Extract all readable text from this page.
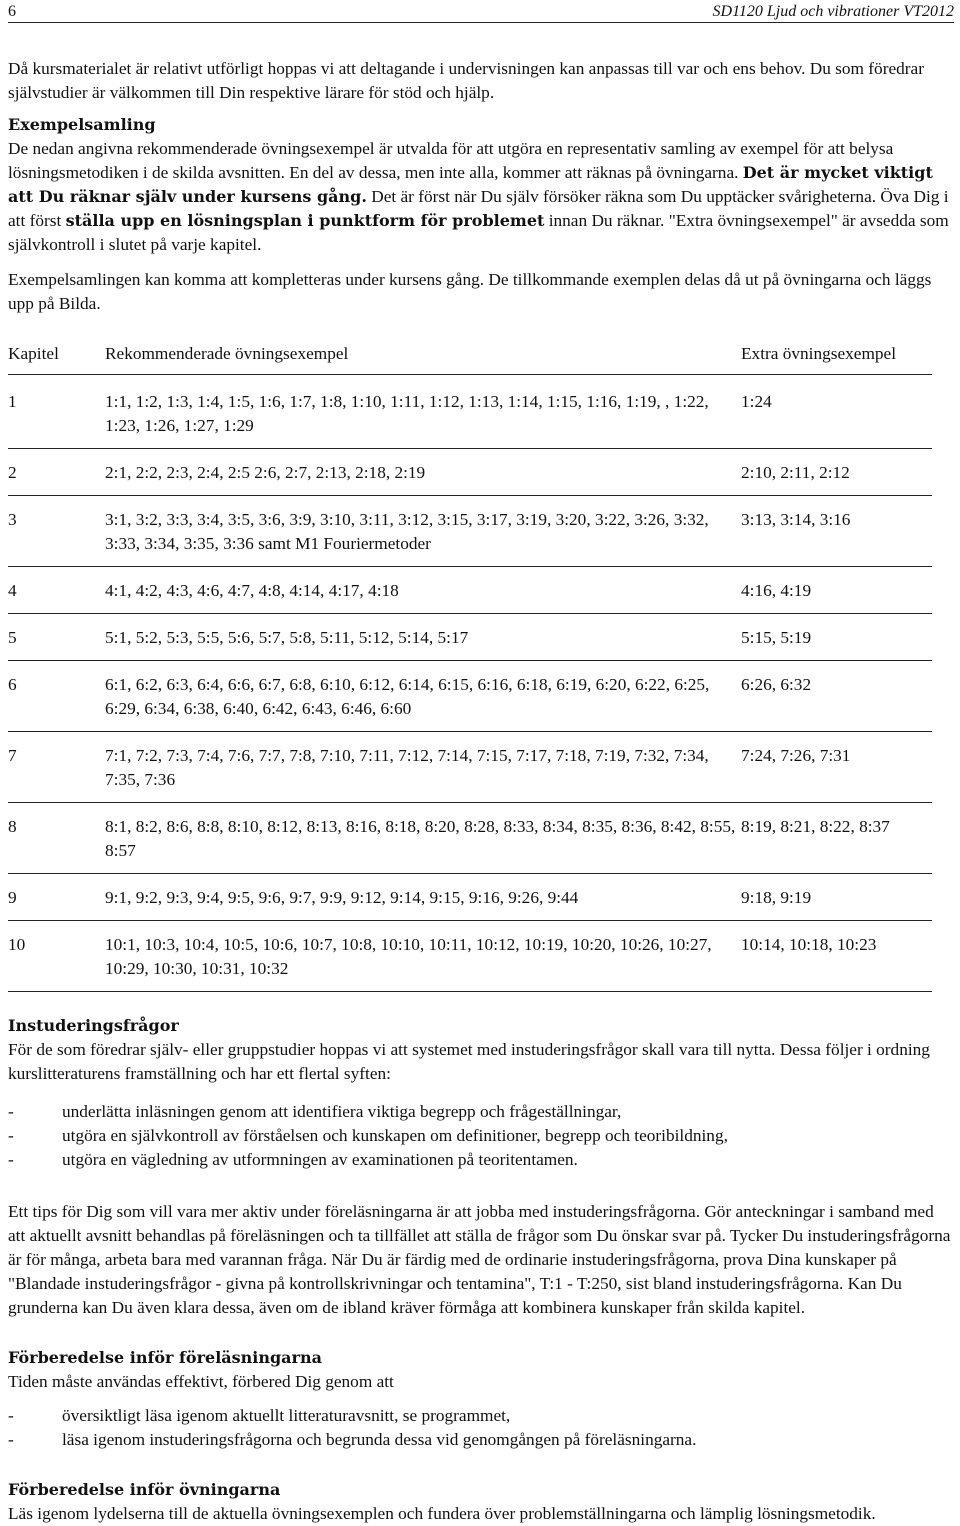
6	SD1120 Ljud och vibrationer VT2012

Då kursmaterialet är relativt utförligt hoppas vi att deltagande i undervisningen kan anpassas till var och ens behov. Du som föredrar självstudier är välkommen till Din respektive lärare för stöd och hjälp.

Exempelsamling

De nedan angivna rekommenderade övningsexempel är utvalda för att utgöra en representativ samling av exempel för att belysa lösningsmetodiken i de skilda avsnitten. En del av dessa, men inte alla, kommer att räknas på övningarna. Det är mycket viktigt att Du räknar själv under kursens gång. Det är först när Du själv försöker räkna som Du upptäcker svårigheterna. Öva Dig i att först ställa upp en lösningsplan i punktform för problemet innan Du räknar. "Extra övningsexempel" är avsedda som självkontroll i slutet på varje kapitel.

Exempelsamlingen kan komma att kompletteras under kursens gång. De tillkommande exemplen delas då ut på övningarna och läggs upp på Bilda.

Kapitel	Rekommenderade övningsexempel	Extra övningsexempel
1	1:1, 1:2, 1:3, 1:4, 1:5, 1:6, 1:7, 1:8, 1:10, 1:11, 1:12, 1:13, 1:14, 1:15, 1:16, 1:19, , 1:22, 1:23, 1:26, 1:27, 1:29	1:24
2	2:1, 2:2, 2:3, 2:4, 2:5 2:6, 2:7, 2:13, 2:18, 2:19	2:10, 2:11, 2:12
3	3:1, 3:2, 3:3, 3:4, 3:5, 3:6, 3:9, 3:10, 3:11, 3:12, 3:15, 3:17, 3:19, 3:20, 3:22, 3:26, 3:32, 3:33, 3:34, 3:35, 3:36 samt M1 Fouriermetoder	3:13, 3:14, 3:16
4	4:1, 4:2, 4:3, 4:6, 4:7, 4:8, 4:14, 4:17, 4:18	4:16, 4:19
5	5:1, 5:2, 5:3, 5:5, 5:6, 5:7, 5:8, 5:11, 5:12, 5:14, 5:17	5:15, 5:19
6	6:1, 6:2, 6:3, 6:4, 6:6, 6:7, 6:8, 6:10, 6:12, 6:14, 6:15, 6:16, 6:18, 6:19, 6:20, 6:22, 6:25, 6:29, 6:34, 6:38, 6:40, 6:42, 6:43, 6:46, 6:60	6:26, 6:32
7	7:1, 7:2, 7:3, 7:4, 7:6, 7:7, 7:8, 7:10, 7:11, 7:12, 7:14, 7:15, 7:17, 7:18, 7:19, 7:32, 7:34, 7:35, 7:36	7:24, 7:26, 7:31
8	8:1, 8:2, 8:6, 8:8, 8:10, 8:12, 8:13, 8:16, 8:18, 8:20, 8:28, 8:33, 8:34, 8:35, 8:36, 8:42, 8:55, 8:57	8:19, 8:21, 8:22, 8:37
9	9:1, 9:2, 9:3, 9:4, 9:5, 9:6, 9:7, 9:9, 9:12, 9:14, 9:15, 9:16, 9:26, 9:44	9:18, 9:19
10	10:1, 10:3, 10:4, 10:5, 10:6, 10:7, 10:8, 10:10, 10:11, 10:12, 10:19, 10:20, 10:26, 10:27, 10:29, 10:30, 10:31, 10:32	10:14, 10:18, 10:23
Instuderingsfrågor

För de som föredrar själv- eller gruppstudier hoppas vi att systemet med instuderingsfrågor skall vara till nytta. Dessa följer i ordning kurslitteraturens framställning och har ett flertal syften:

-	underlätta inläsningen genom att identifiera viktiga begrepp och frågeställningar,
-	utgöra en självkontroll av förståelsen och kunskapen om definitioner, begrepp och teoribildning,
-	utgöra en vägledning av utformningen av examinationen på teoritentamen.

Ett tips för Dig som vill vara mer aktiv under föreläsningarna är att jobba med instuderingsfrågorna. Gör anteckningar i samband med att aktuellt avsnitt behandlas på föreläsningen och ta tillfället att ställa de frågor som Du önskar svar på. Tycker Du instuderingsfrågorna är för många, arbeta bara med varannan fråga. När Du är färdig med de ordinarie instuderingsfrågorna, prova Dina kunskaper på "Blandade instuderingsfrågor - givna på kontrollskrivningar och tentamina", T:1 - T:250, sist bland instuderingsfrågorna. Kan Du grunderna kan Du även klara dessa, även om de ibland kräver förmåga att kombinera kunskaper från skilda kapitel.

Förberedelse inför föreläsningarna

Tiden måste användas effektivt, förbered Dig genom att

-	översiktligt läsa igenom aktuellt litteraturavsnitt, se programmet,
-	läsa igenom instuderingsfrågorna och begrunda dessa vid genomgången på föreläsningarna.
Förberedelse inför övningarna

Läs igenom lydelserna till de aktuella övningsexemplen och fundera över problemställningarna och lämplig lösningsmetodik.
